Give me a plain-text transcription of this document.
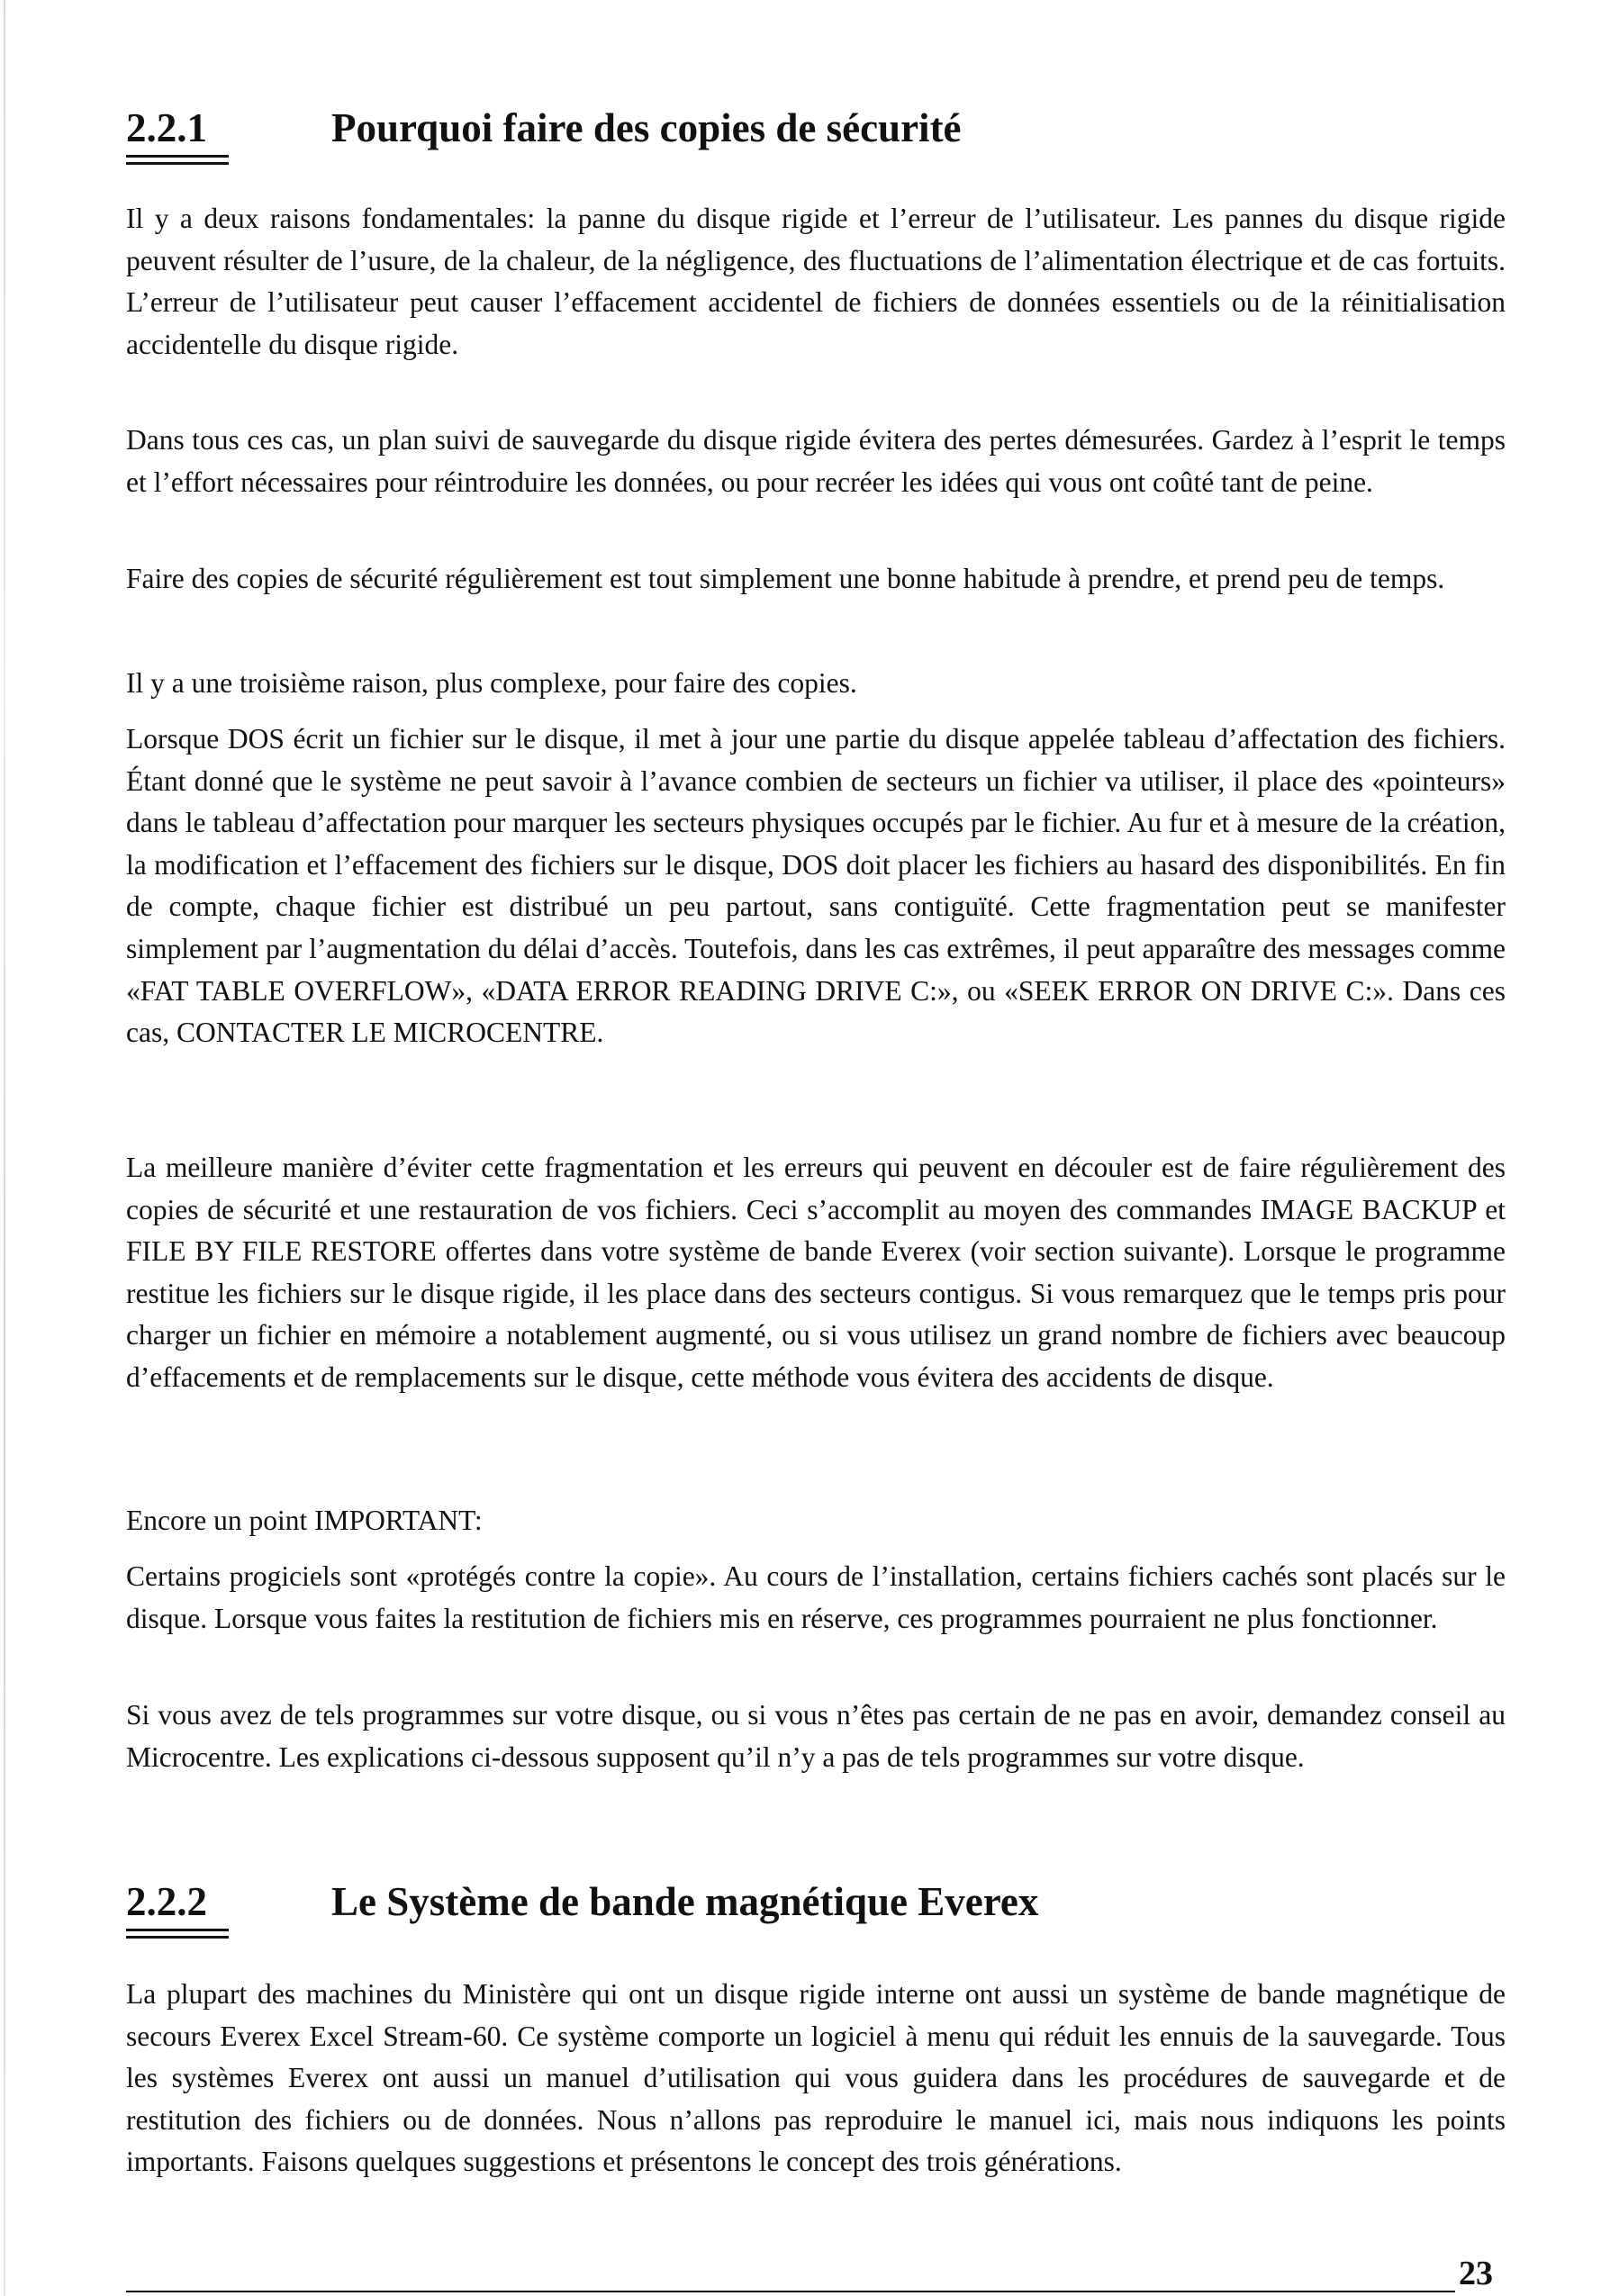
2.2.1	Pourquoi faire des copies de sécurité

Il y a deux raisons fondamentales: la panne du disque rigide et l’erreur de l’utilisateur. Les pannes du disque rigide peuvent résulter de l’usure, de la chaleur, de la négligence, des fluctuations de l’alimentation électrique et de cas fortuits. L’erreur de l’utilisateur peut causer l’effacement accidentel de fichiers de données essentiels ou de la réinitialisation accidentelle du disque rigide.

Dans tous ces cas, un plan suivi de sauvegarde du disque rigide évitera des pertes démesurées. Gardez à l’esprit le temps et l’effort nécessaires pour réintroduire les données, ou pour recréer les idées qui vous ont coûté tant de peine.

Faire des copies de sécurité régulièrement est tout simplement une bonne habitude à prendre, et prend peu de temps.

Il y a une troisième raison, plus complexe, pour faire des copies.

Lorsque DOS écrit un fichier sur le disque, il met à jour une partie du disque appelée tableau d’affectation des fichiers. Étant donné que le système ne peut savoir à l’avance combien de secteurs un fichier va utiliser, il place des «pointeurs» dans le tableau d’affectation pour marquer les secteurs physiques occupés par le fichier. Au fur et à mesure de la création, la modification et l’effacement des fichiers sur le disque, DOS doit placer les fichiers au hasard des disponibilités. En fin de compte, chaque fichier est distribué un peu partout, sans contiguïté. Cette fragmentation peut se manifester simplement par l’augmentation du délai d’accès. Toutefois, dans les cas extrêmes, il peut apparaître des messages comme «FAT TABLE OVERFLOW», «DATA ERROR READING DRIVE C:», ou «SEEK ERROR ON DRIVE C:». Dans ces cas, CONTACTER LE MICROCENTRE.

La meilleure manière d’éviter cette fragmentation et les erreurs qui peuvent en découler est de faire régulièrement des copies de sécurité et une restauration de vos fichiers. Ceci s’accomplit au moyen des commandes IMAGE BACKUP et FILE BY FILE RESTORE offertes dans votre système de bande Everex (voir section suivante). Lorsque le programme restitue les fichiers sur le disque rigide, il les place dans des secteurs contigus. Si vous remarquez que le temps pris pour charger un fichier en mémoire a notablement augmenté, ou si vous utilisez un grand nombre de fichiers avec beaucoup d’effacements et de remplacements sur le disque, cette méthode vous évitera des accidents de disque.

Encore un point IMPORTANT:

Certains progiciels sont «protégés contre la copie». Au cours de l’installation, certains fichiers cachés sont placés sur le disque. Lorsque vous faites la restitution de fichiers mis en réserve, ces programmes pourraient ne plus fonctionner.

Si vous avez de tels programmes sur votre disque, ou si vous n’êtes pas certain de ne pas en avoir, demandez conseil au Microcentre. Les explications ci-dessous supposent qu’il n’y a pas de tels programmes sur votre disque.

2.2.2	Le Système de bande magnétique Everex

La plupart des machines du Ministère qui ont un disque rigide interne ont aussi un système de bande magnétique de secours Everex Excel Stream-60. Ce système comporte un logiciel à menu qui réduit les ennuis de la sauvegarde. Tous les systèmes Everex ont aussi un manuel d’utilisation qui vous guidera dans les procédures de sauvegarde et de restitution des fichiers ou de données. Nous n’allons pas reproduire le manuel ici, mais nous indiquons les points importants. Faisons quelques suggestions et présentons le concept des trois générations.

23
